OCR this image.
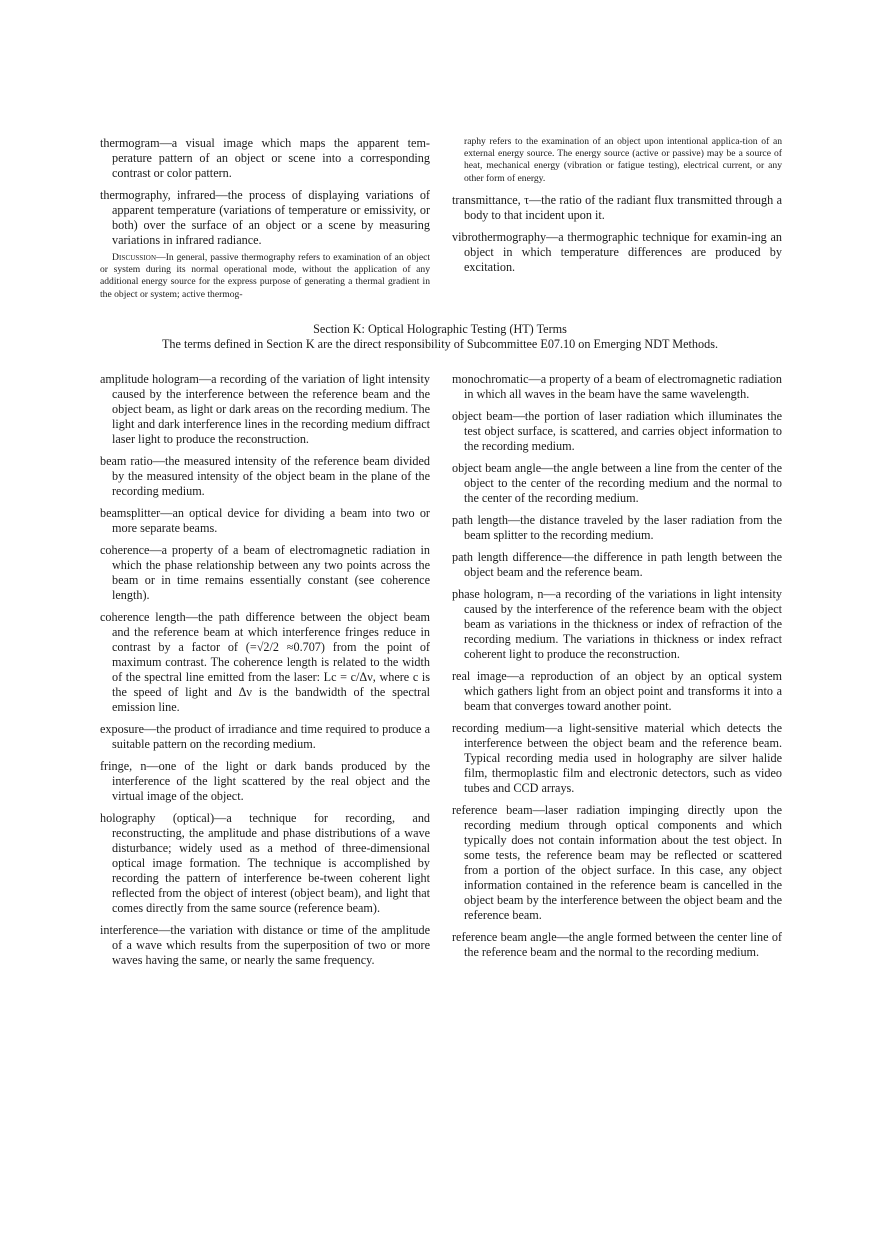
thermogram—a visual image which maps the apparent tem-perature pattern of an object or scene into a corresponding contrast or color pattern.

thermography, infrared—the process of displaying variations of apparent temperature (variations of temperature or emissivity, or both) over the surface of an object or a scene by measuring variations in infrared radiance.

Discussion—In general, passive thermography refers to examination of an object or system during its normal operational mode, without the application of any additional energy source for the express purpose of generating a thermal gradient in the object or system; active thermog-

raphy refers to the examination of an object upon intentional applica-tion of an external energy source. The energy source (active or passive) may be a source of heat, mechanical energy (vibration or fatigue testing), electrical current, or any other form of energy.

transmittance, τ—the ratio of the radiant flux transmitted through a body to that incident upon it.

vibrothermography—a thermographic technique for examin-ing an object in which temperature differences are produced by excitation.

Section K: Optical Holographic Testing (HT) Terms
The terms defined in Section K are the direct responsibility of Subcommittee E07.10 on Emerging NDT Methods.

amplitude hologram—a recording of the variation of light intensity caused by the interference between the reference beam and the object beam, as light or dark areas on the recording medium. The light and dark interference lines in the recording medium diffract laser light to produce the reconstruction.

beam ratio—the measured intensity of the reference beam divided by the measured intensity of the object beam in the plane of the recording medium.

beamsplitter—an optical device for dividing a beam into two or more separate beams.

coherence—a property of a beam of electromagnetic radiation in which the phase relationship between any two points across the beam or in time remains essentially constant (see coherence length).

coherence length—the path difference between the object beam and the reference beam at which interference fringes reduce in contrast by a factor of (=√2/2 ≈0.707) from the point of maximum contrast. The coherence length is related to the width of the spectral line emitted from the laser: Lc = c/Δν, where c is the speed of light and Δν is the bandwidth of the spectral emission line.

exposure—the product of irradiance and time required to produce a suitable pattern on the recording medium.

fringe, n—one of the light or dark bands produced by the interference of the light scattered by the real object and the virtual image of the object.

holography (optical)—a technique for recording, and reconstructing, the amplitude and phase distributions of a wave disturbance; widely used as a method of three-dimensional optical image formation. The technique is accomplished by recording the pattern of interference be-tween coherent light reflected from the object of interest (object beam), and light that comes directly from the same source (reference beam).

interference—the variation with distance or time of the amplitude of a wave which results from the superposition of two or more waves having the same, or nearly the same frequency.

monochromatic—a property of a beam of electromagnetic radiation in which all waves in the beam have the same wavelength.

object beam—the portion of laser radiation which illuminates the test object surface, is scattered, and carries object information to the recording medium.

object beam angle—the angle between a line from the center of the object to the center of the recording medium and the normal to the center of the recording medium.

path length—the distance traveled by the laser radiation from the beam splitter to the recording medium.

path length difference—the difference in path length between the object beam and the reference beam.

phase hologram, n—a recording of the variations in light intensity caused by the interference of the reference beam with the object beam as variations in the thickness or index of refraction of the recording medium. The variations in thickness or index refract coherent light to produce the reconstruction.

real image—a reproduction of an object by an optical system which gathers light from an object point and transforms it into a beam that converges toward another point.

recording medium—a light-sensitive material which detects the interference between the object beam and the reference beam. Typical recording media used in holography are silver halide film, thermoplastic film and electronic detectors, such as video tubes and CCD arrays.

reference beam—laser radiation impinging directly upon the recording medium through optical components and which typically does not contain information about the test object. In some tests, the reference beam may be reflected or scattered from a portion of the object surface. In this case, any object information contained in the reference beam is cancelled in the object beam by the interference between the object beam and the reference beam.

reference beam angle—the angle formed between the center line of the reference beam and the normal to the recording medium.
